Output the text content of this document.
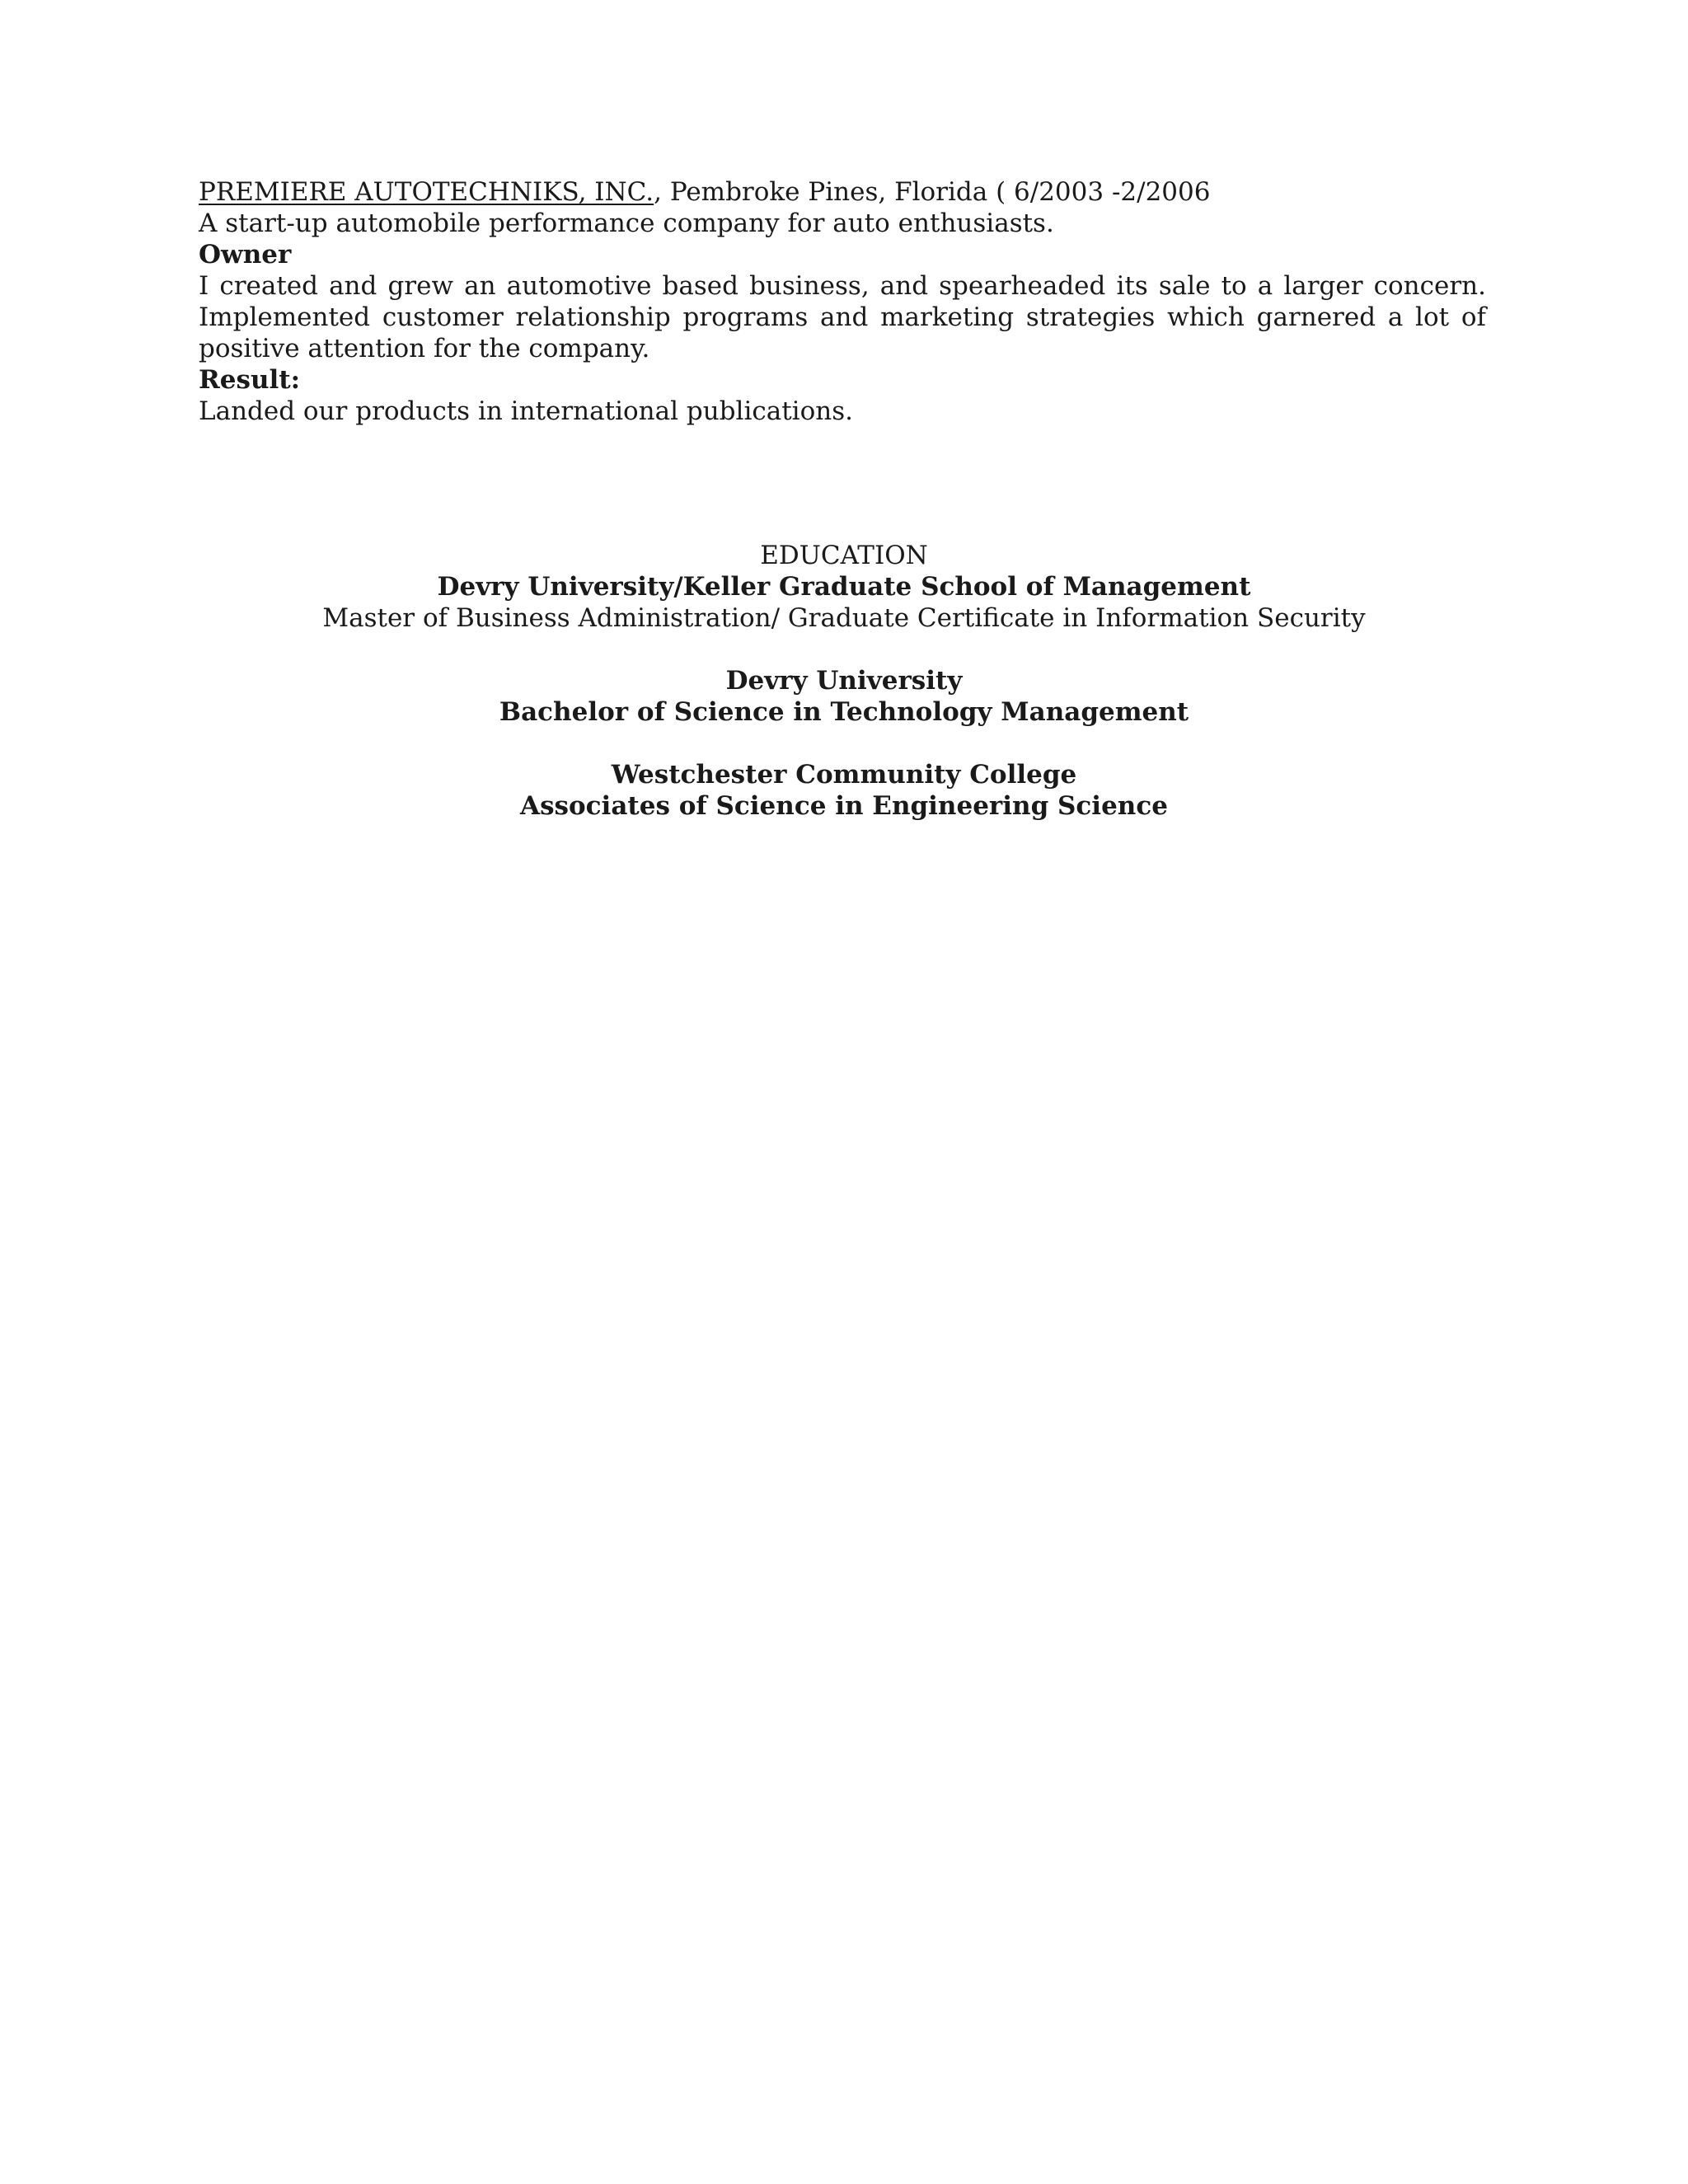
PREMIERE AUTOTECHNIKS, INC., Pembroke Pines, Florida ( 6/2003 -2/2006
A start-up automobile performance company for auto enthusiasts.
Owner
I created and grew an automotive based business, and spearheaded its sale to a larger concern. Implemented customer relationship programs and marketing strategies which garnered a lot of positive attention for the company.
Result:
Landed our products in international publications.
EDUCATION
Devry University/Keller Graduate School of Management
Master of Business Administration/ Graduate Certificate in Information Security
Devry University
Bachelor of Science in Technology Management
Westchester Community College
Associates of Science in Engineering Science
